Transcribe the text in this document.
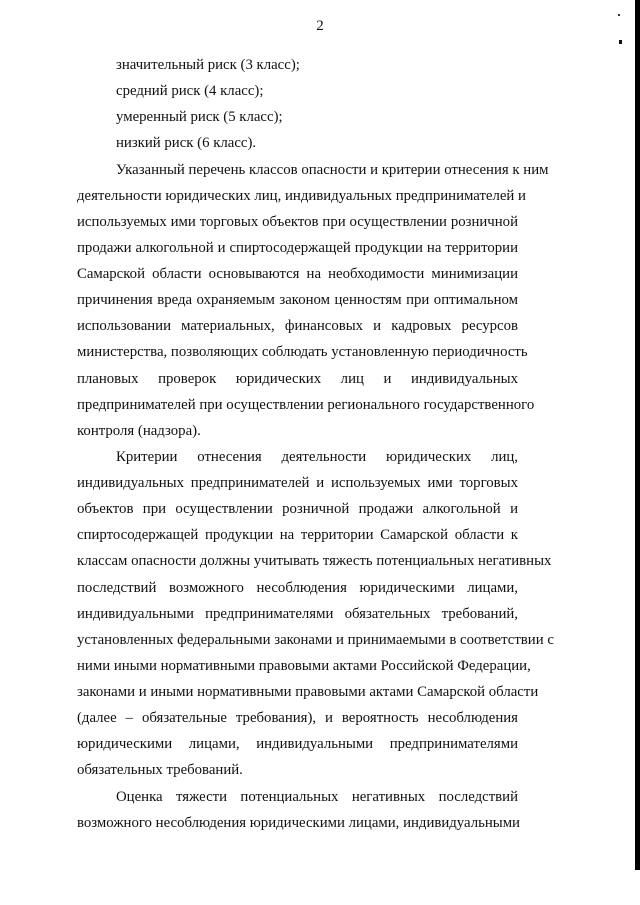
2
значительный риск (3 класс);
средний риск (4 класс);
умеренный риск (5 класс);
низкий риск (6 класс).
Указанный перечень классов опасности и критерии отнесения к ним
деятельности юридических лиц, индивидуальных предпринимателей и
используемых ими торговых объектов при осуществлении розничной
продажи алкогольной и спиртосодержащей продукции на территории
Самарской области основываются на необходимости минимизации
причинения вреда охраняемым законом ценностям при оптимальном
использовании материальных, финансовых и кадровых ресурсов
министерства, позволяющих соблюдать установленную периодичность
плановых проверок юридических лиц и индивидуальных
предпринимателей при осуществлении регионального государственного
контроля (надзора).
Критерии отнесения деятельности юридических лиц,
индивидуальных предпринимателей и используемых ими торговых
объектов при осуществлении розничной продажи алкогольной и
спиртосодержащей продукции на территории Самарской области к
классам опасности должны учитывать тяжесть потенциальных негативных
последствий возможного несоблюдения юридическими лицами,
индивидуальными предпринимателями обязательных требований,
установленных федеральными законами и принимаемыми в соответствии с
ними иными нормативными правовыми актами Российской Федерации,
законами и иными нормативными правовыми актами Самарской области
(далее – обязательные требования), и вероятность несоблюдения
юридическими лицами, индивидуальными предпринимателями
обязательных требований.
Оценка тяжести потенциальных негативных последствий
возможного несоблюдения юридическими лицами, индивидуальными
